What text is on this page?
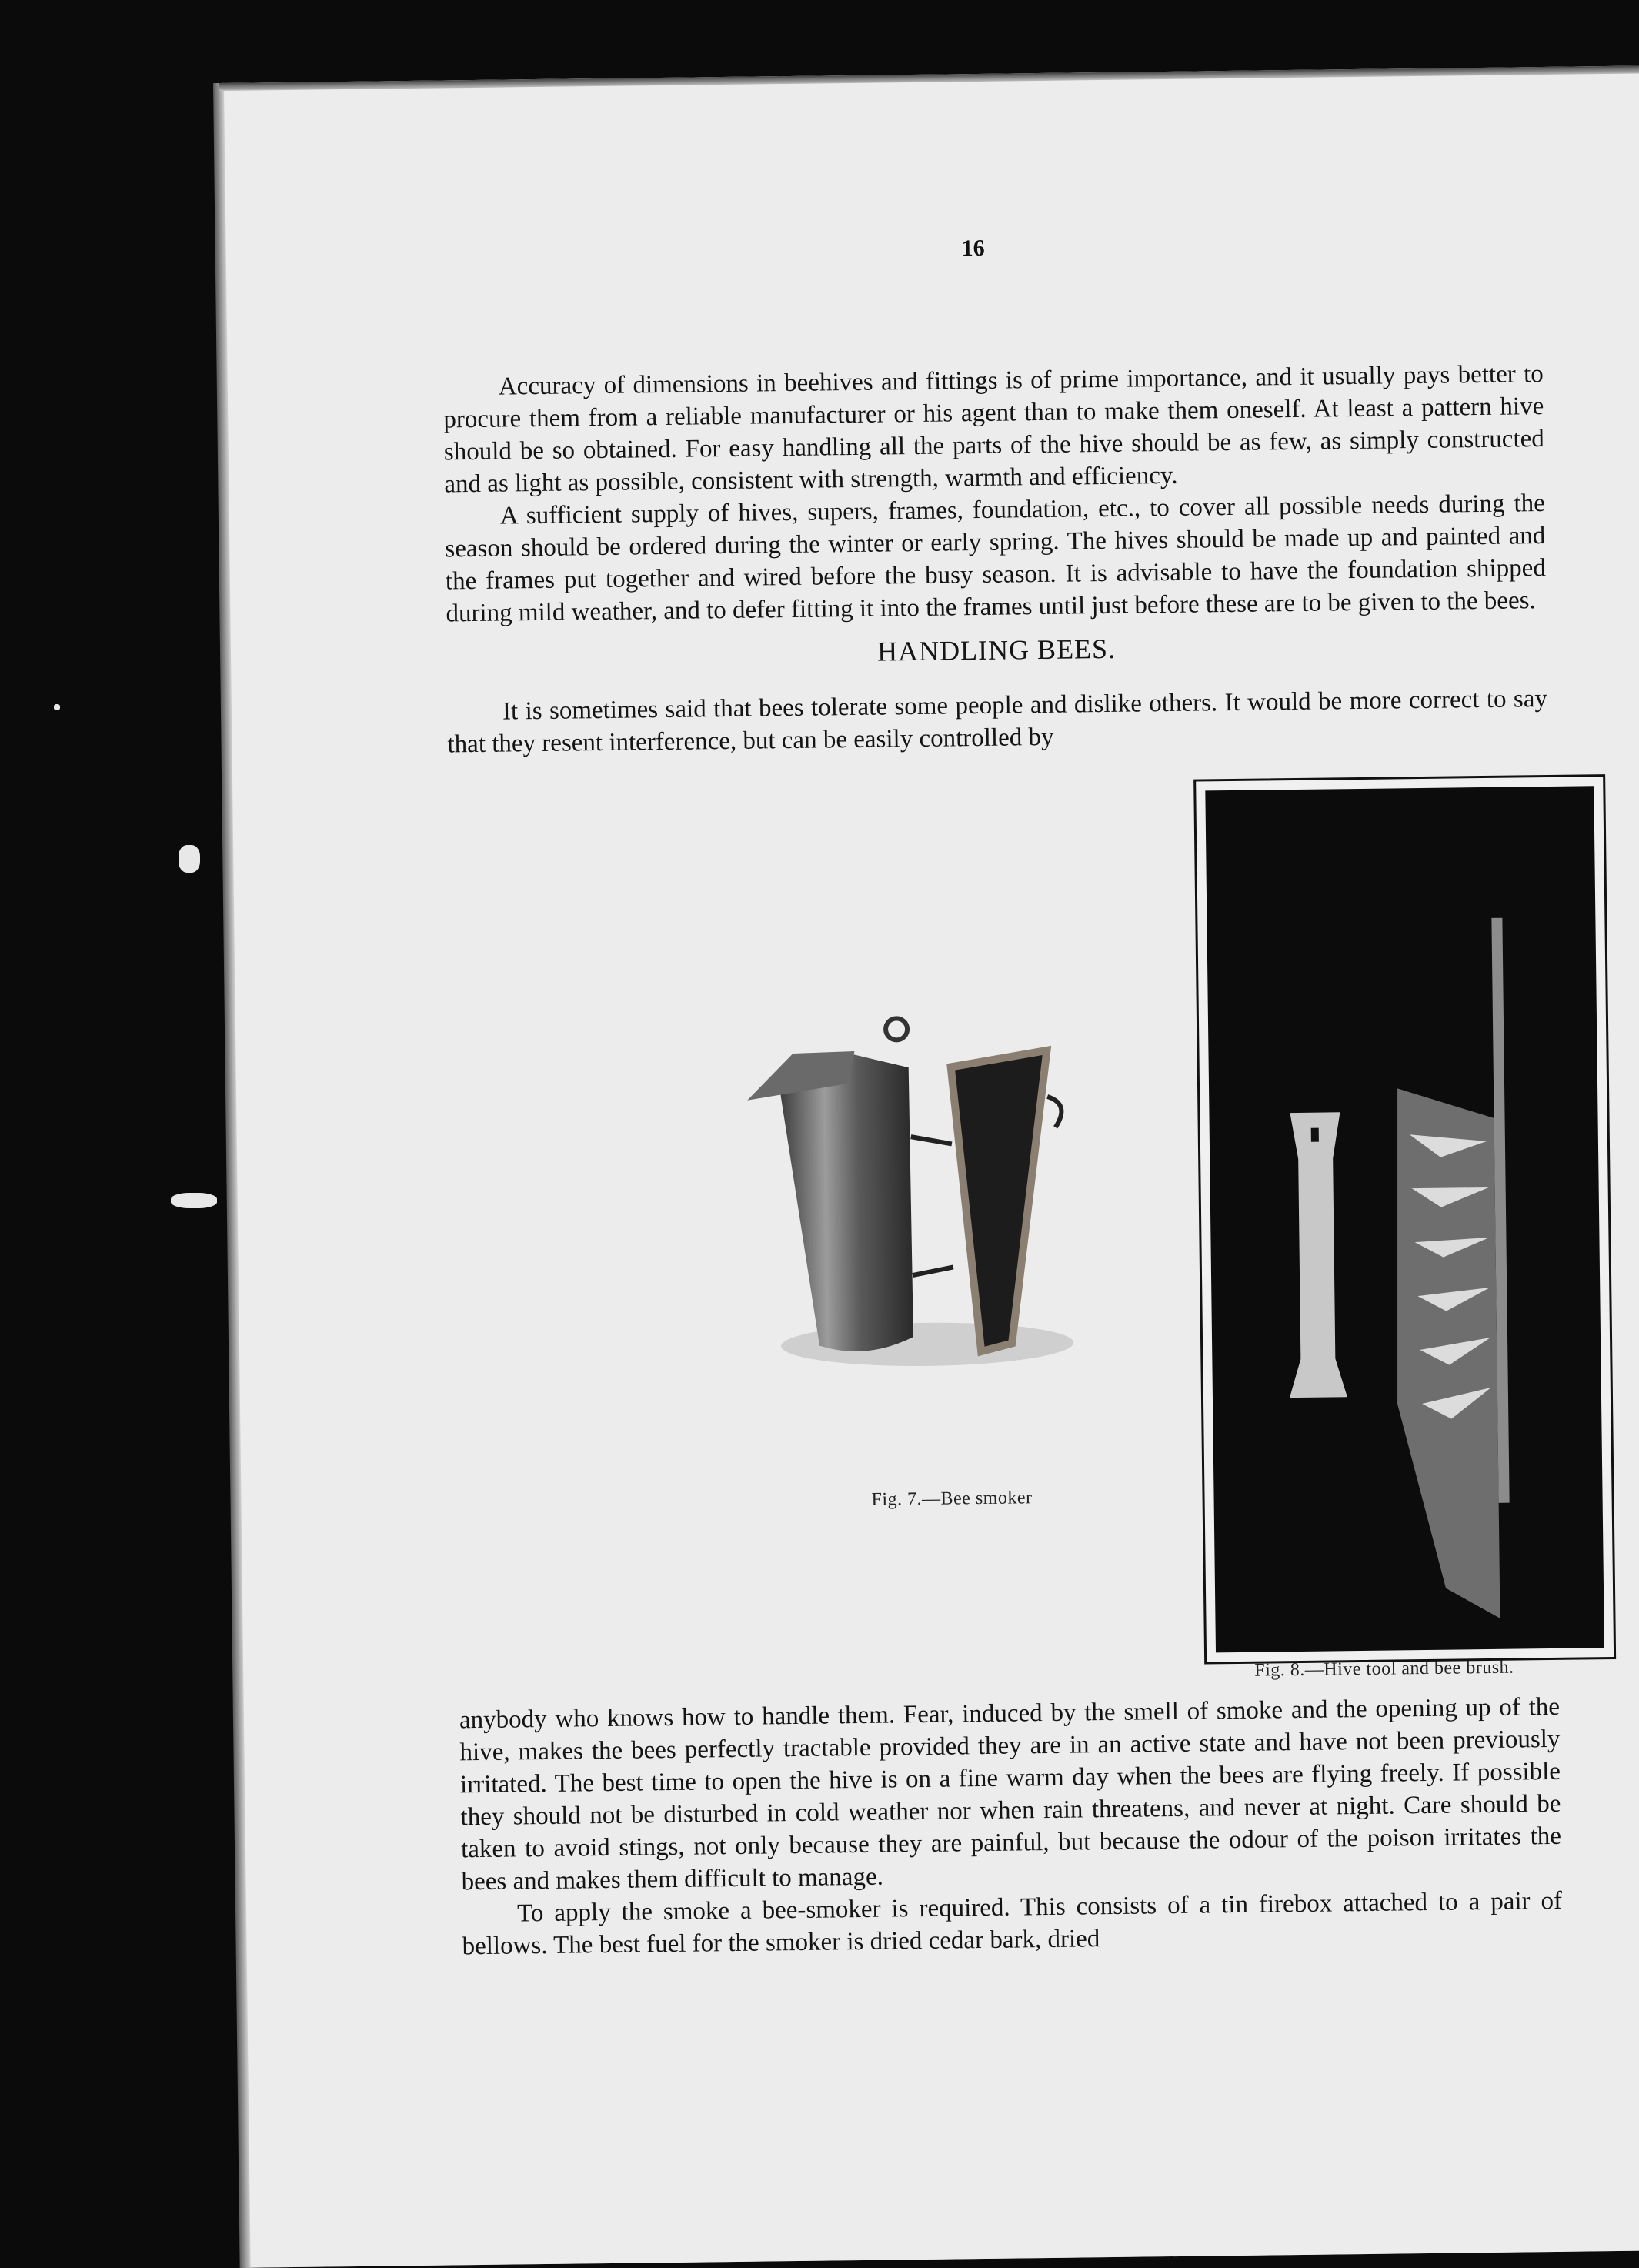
16

Accuracy of dimensions in beehives and fittings is of prime importance, and it usually pays better to procure them from a reliable manufacturer or his agent than to make them oneself. At least a pattern hive should be so obtained. For easy handling all the parts of the hive should be as few, as simply constructed and as light as possible, consistent with strength, warmth and efficiency.

A sufficient supply of hives, supers, frames, foundation, etc., to cover all possible needs during the season should be ordered during the winter or early spring. The hives should be made up and painted and the frames put together and wired before the busy season. It is advisable to have the foundation shipped during mild weather, and to defer fitting it into the frames until just before these are to be given to the bees.

HANDLING BEES.

It is sometimes said that bees tolerate some people and dislike others. It would be more correct to say that they resent interference, but can be easily controlled by

Fig. 7.—Bee smoker
Fig. 8.—Hive tool and bee brush.

anybody who knows how to handle them. Fear, induced by the smell of smoke and the opening up of the hive, makes the bees perfectly tractable provided they are in an active state and have not been previously irritated. The best time to open the hive is on a fine warm day when the bees are flying freely. If possible they should not be disturbed in cold weather nor when rain threatens, and never at night. Care should be taken to avoid stings, not only because they are painful, but because the odour of the poison irritates the bees and makes them difficult to manage.

To apply the smoke a bee-smoker is required. This consists of a tin firebox attached to a pair of bellows. The best fuel for the smoker is dried cedar bark, dried
